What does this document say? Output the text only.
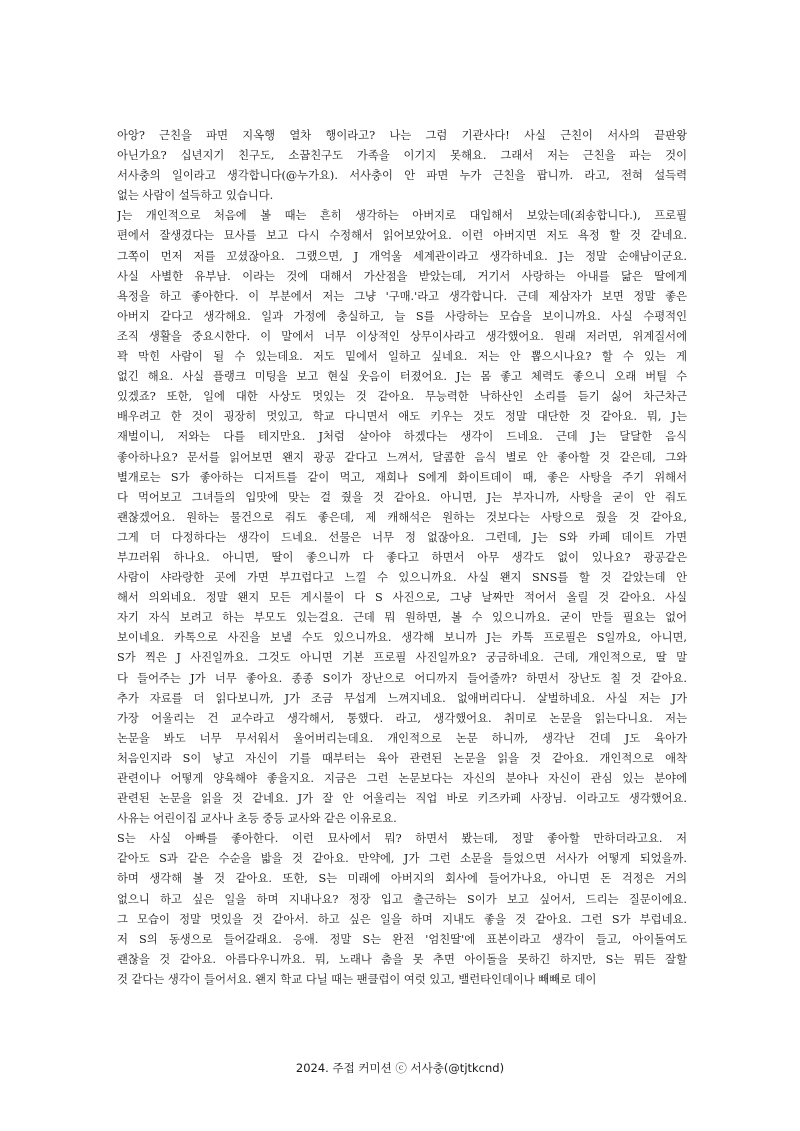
아앙? 근친을 파면 지옥행 열차 행이라고? 나는 그럼 기관사다! 사실 근친이 서사의 끝판왕
아닌가요? 십년지기 친구도, 소꿉친구도 가족을 이기지 못해요. 그래서 저는 근친을 파는 것이
서사충의 일이라고 생각합니다(@누가요). 서사충이 안 파면 누가 근친을 팝니까. 라고, 전혀 설득력
없는 사람이 설득하고 있습니다.
J는 개인적으로 처음에 볼 때는 흔히 생각하는 아버지로 대입해서 보았는데(죄송합니다.), 프로필
편에서 잘생겼다는 묘사를 보고 다시 수정해서 읽어보았어요. 이런 아버지면 저도 욕정 할 것 같네요.
그쪽이 먼저 저를 꼬셨잖아요. 그랬으면, J 개억울 세계관이라고 생각하네요. J는 정말 순애남이군요.
사실 사별한 유부남. 이라는 것에 대해서 가산점을 받았는데, 거기서 사랑하는 아내를 닮은 딸에게
욕정을 하고 좋아한다. 이 부분에서 저는 그냥 '구매.'라고 생각합니다. 근데 제삼자가 보면 정말 좋은
아버지 같다고 생각해요. 일과 가정에 충실하고, 늘 S를 사랑하는 모습을 보이니까요. 사실 수평적인
조직 생활을 중요시한다. 이 말에서 너무 이상적인 상무이사라고 생각했어요. 원래 저러면, 위계질서에
꽉 막힌 사람이 될 수 있는데요. 저도 밑에서 일하고 싶네요. 저는 안 뽑으시나요? 할 수 있는 게
없긴 해요. 사실 플랭크 미팅을 보고 현실 웃음이 터졌어요. J는 몸 좋고 체력도 좋으니 오래 버틸 수
있겠죠? 또한, 일에 대한 사상도 멋있는 것 같아요. 무능력한 낙하산인 소리를 듣기 싫어 차근차근
배우려고 한 것이 굉장히 멋있고, 학교 다니면서 애도 키우는 것도 정말 대단한 것 같아요. 뭐, J는
재벌이니, 저와는 다를 테지만요. J처럼 살아야 하겠다는 생각이 드네요. 근데 J는 달달한 음식
좋아하나요? 문서를 읽어보면 왠지 광공 같다고 느껴서, 달콤한 음식 별로 안 좋아할 것 같은데, 그와
별개로는 S가 좋아하는 디저트를 같이 먹고, 재희나 S에게 화이트데이 때, 좋은 사탕을 주기 위해서
다 먹어보고 그녀들의 입맛에 맞는 걸 줬을 것 같아요. 아니면, J는 부자니까, 사탕을 굳이 안 줘도
괜찮겠어요. 원하는 물건으로 줘도 좋은데, 제 캐해석은 원하는 것보다는 사탕으로 줬을 것 같아요,
그게 더 다정하다는 생각이 드네요. 선물은 너무 정 없잖아요. 그런데, J는 S와 카페 데이트 가면
부끄러워 하나요. 아니면, 딸이 좋으니까 다 좋다고 하면서 아무 생각도 없이 있나요? 광공같은
사람이 샤라랑한 곳에 가면 부끄럽다고 느낄 수 있으니까요. 사실 왠지 SNS를 할 것 같았는데 안
해서 의외네요. 정말 왠지 모든 게시물이 다 S 사진으로, 그냥 날짜만 적어서 올릴 것 같아요. 사실
자기 자식 보려고 하는 부모도 있는걸요. 근데 뭐 원하면, 볼 수 있으니까요. 굳이 만들 필요는 없어
보이네요. 카톡으로 사진을 보낼 수도 있으니까요. 생각해 보니까 J는 카톡 프로필은 S일까요, 아니면,
S가 찍은 J 사진일까요. 그것도 아니면 기본 프로필 사진일까요? 궁금하네요. 근데, 개인적으로, 딸 말
다 들어주는 J가 너무 좋아요. 종종 S이가 장난으로 어디까지 들어줄까? 하면서 장난도 칠 것 같아요.
추가 자료를 더 읽다보니까, J가 조금 무섭게 느껴지네요. 없애버리다니. 살벌하네요. 사실 저는 J가
가장 어울리는 건 교수라고 생각해서, 통했다. 라고, 생각했어요. 취미로 논문을 읽는다니요. 저는
논문을 봐도 너무 무서워서 울어버리는데요. 개인적으로 논문 하니까, 생각난 건데 J도 육아가
처음인지라 S이 낳고 자신이 기를 때부터는 육아 관련된 논문을 읽을 것 같아요. 개인적으로 애착
관련이나 어떻게 양육해야 좋을지요. 지금은 그런 논문보다는 자신의 분야나 자신이 관심 있는 분야에
관련된 논문을 읽을 것 같네요. J가 잘 안 어울리는 직업 바로 키즈카페 사장님. 이라고도 생각했어요.
사유는 어린이집 교사나 초등 중등 교사와 같은 이유로요.
S는 사실 아빠를 좋아한다. 이런 묘사에서 뭐? 하면서 봤는데, 정말 좋아할 만하더라고요. 저
같아도 S과 같은 수순을 밟을 것 같아요. 만약에, J가 그런 소문을 들었으면 서사가 어떻게 되었을까.
하며 생각해 볼 것 같아요. 또한, S는 미래에 아버지의 회사에 들어가나요, 아니면 돈 걱정은 거의
없으니 하고 싶은 일을 하며 지내나요? 정장 입고 출근하는 S이가 보고 싶어서, 드리는 질문이에요.
그 모습이 정말 멋있을 것 같아서. 하고 싶은 일을 하며 지내도 좋을 것 같아요. 그런 S가 부럽네요.
저 S의 동생으로 들어갈래요. 응애. 정말 S는 완전 '엄친딸'에 표본이라고 생각이 들고, 아이돌여도
괜찮을 것 같아요. 아름다우니까요. 뭐, 노래나 춤을 못 추면 아이돌을 못하긴 하지만, S는 뭐든 잘할
것 같다는 생각이 들어서요. 왠지 학교 다닐 때는 팬클럽이 여럿 있고, 밸런타인데이나 빼빼로 데이
2024. 주접 커미션 ⓒ 서사충(@tjtkcnd)
